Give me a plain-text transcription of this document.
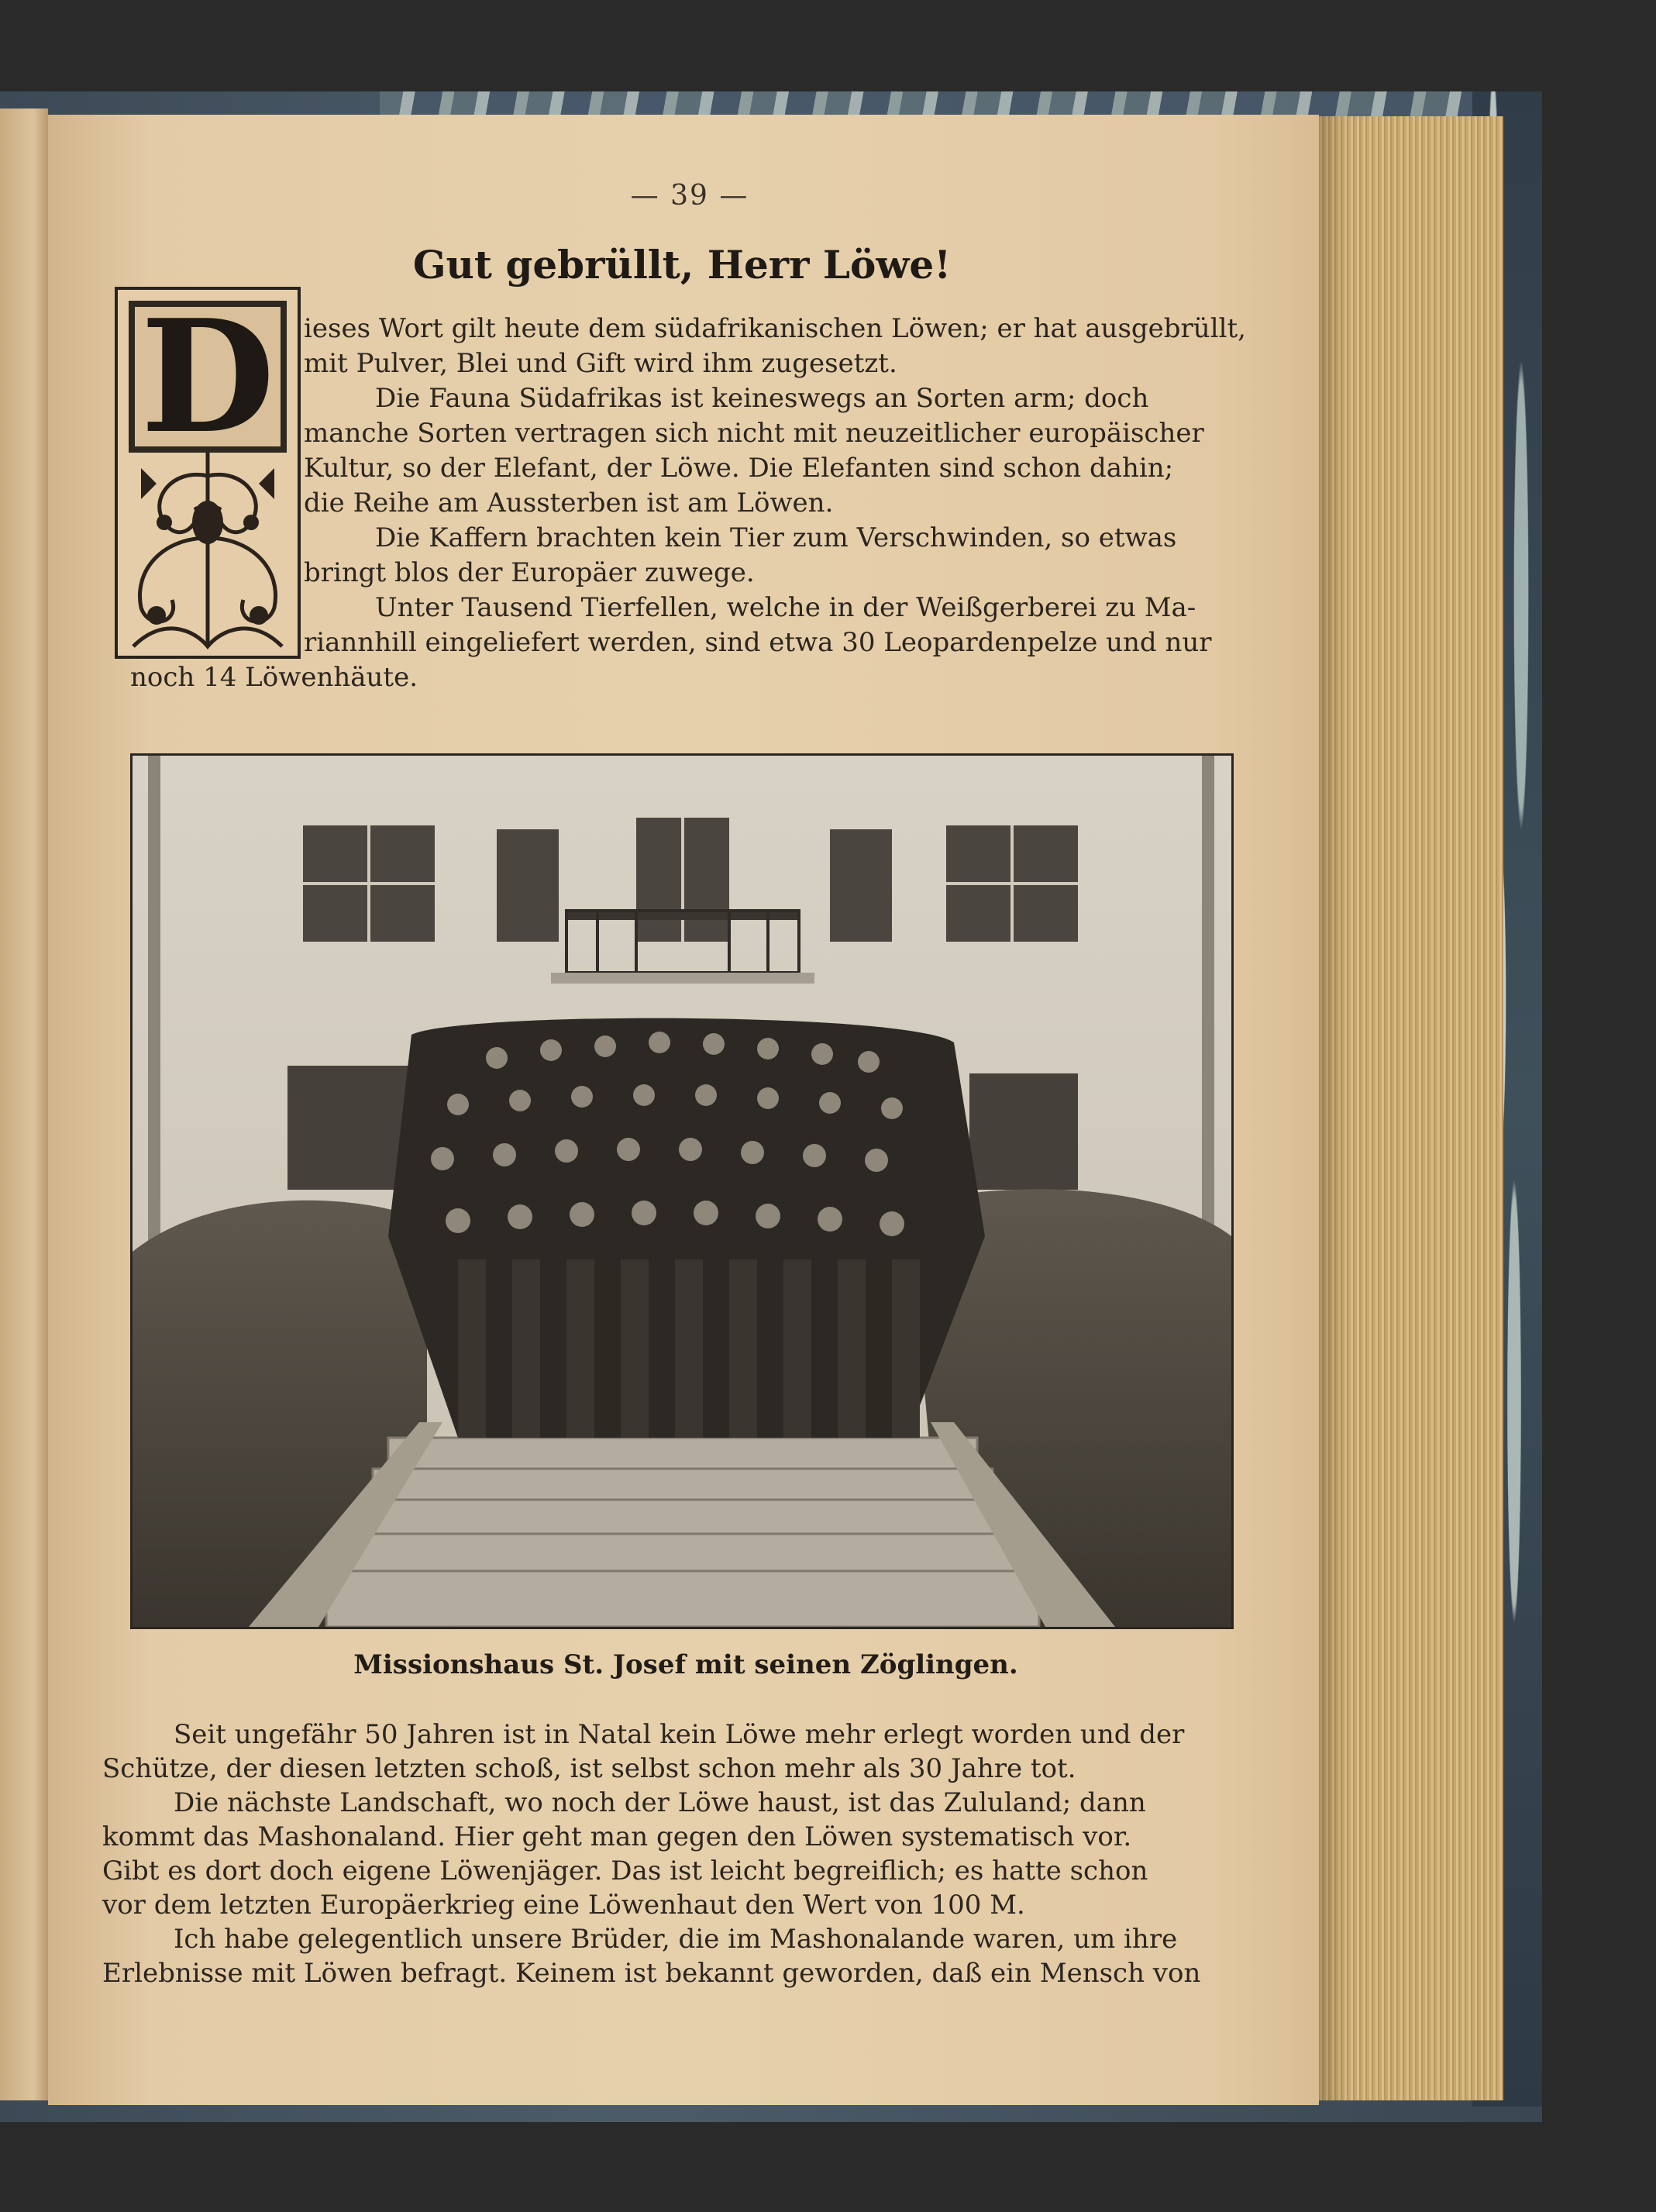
— 39 —
Gut gebrüllt, Herr Löwe!
D ieses Wort gilt heute dem südafrikanischen Löwen; er hat ausgebrüllt,
mit Pulver, Blei und Gift wird ihm zugesetzt.
Die Fauna Südafrikas ist keineswegs an Sorten arm; doch
manche Sorten vertragen sich nicht mit neuzeitlicher europäischer
Kultur, so der Elefant, der Löwe. Die Elefanten sind schon dahin;
die Reihe am Aussterben ist am Löwen.
Die Kaffern brachten kein Tier zum Verschwinden, so etwas
bringt blos der Europäer zuwege.
Unter Tausend Tierfellen, welche in der Weißgerberei zu Ma-
riannhill eingeliefert werden, sind etwa 30 Leopardenpelze und nur
noch 14 Löwenhäute.
Missionshaus St. Josef mit seinen Zöglingen.
Seit ungefähr 50 Jahren ist in Natal kein Löwe mehr erlegt worden und der
Schütze, der diesen letzten schoß, ist selbst schon mehr als 30 Jahre tot.
Die nächste Landschaft, wo noch der Löwe haust, ist das Zululand; dann
kommt das Mashonaland. Hier geht man gegen den Löwen systematisch vor.
Gibt es dort doch eigene Löwenjäger. Das ist leicht begreiflich; es hatte schon
vor dem letzten Europäerkrieg eine Löwenhaut den Wert von 100 M.
Ich habe gelegentlich unsere Brüder, die im Mashonalande waren, um ihre
Erlebnisse mit Löwen befragt. Keinem ist bekannt geworden, daß ein Mensch von
